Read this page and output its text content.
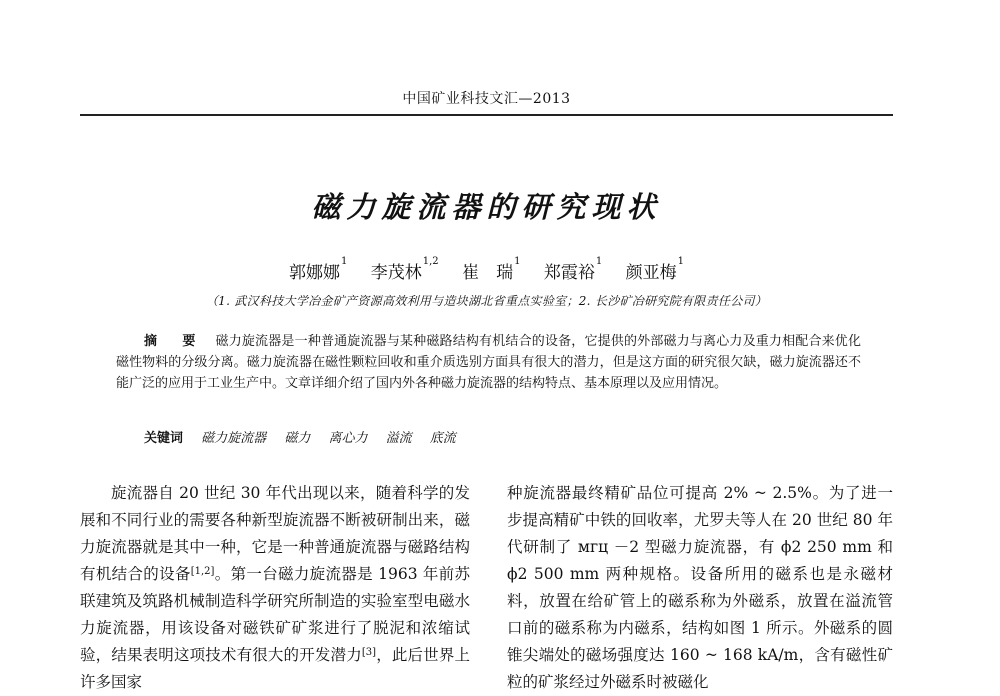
中国矿业科技文汇—2013
磁力旋流器的研究现状
郭娜娜$^1$ 李茂林$^{1,2}$ 崔　瑞$^1$ 郑霞裕$^1$ 颜亚梅$^1$
（1. 武汉科技大学冶金矿产资源高效利用与造块湖北省重点实验室；2. 长沙矿冶研究院有限责任公司）
摘　要 磁力旋流器是一种普通旋流器与某种磁路结构有机结合的设备，它提供的外部磁力与离心力及重力相配合来优化磁性物料的分级分离。磁力旋流器在磁性颗粒回收和重介质选别方面具有很大的潜力，但是这方面的研究很欠缺，磁力旋流器还不能广泛的应用于工业生产中。文章详细介绍了国内外各种磁力旋流器的结构特点、基本原理以及应用情况。
关键词 磁力旋流器 磁力 离心力 溢流 底流

旋流器自 20 世纪 30 年代出现以来，随着科学的发展和不同行业的需要各种新型旋流器不断被研制出来，磁力旋流器就是其中一种，它是一种普通旋流器与磁路结构有机结合的设备[1,2]。第一台磁力旋流器是 1963 年前苏联建筑及筑路机械制造科学研究所制造的实验室型电磁水力旋流器，用该设备对磁铁矿矿浆进行了脱泥和浓缩试验，结果表明这项技术有很大的开发潜力[3]，此后世界上许多国家

种旋流器最终精矿品位可提高 2% ~ 2.5%。为了进一步提高精矿中铁的回收率，尤罗夫等人在 20 世纪 80 年代研制了 мгц －2 型磁力旋流器，有 ϕ2 250 mm 和 ϕ2 500 mm 两种规格。设备所用的磁系也是永磁材料，放置在给矿管上的磁系称为外磁系，放置在溢流管口前的磁系称为内磁系，结构如图 1 所示。外磁系的圆锥尖端处的磁场强度达 160 ~ 168 kA/m，含有磁性矿粒的矿浆经过外磁系时被磁化
